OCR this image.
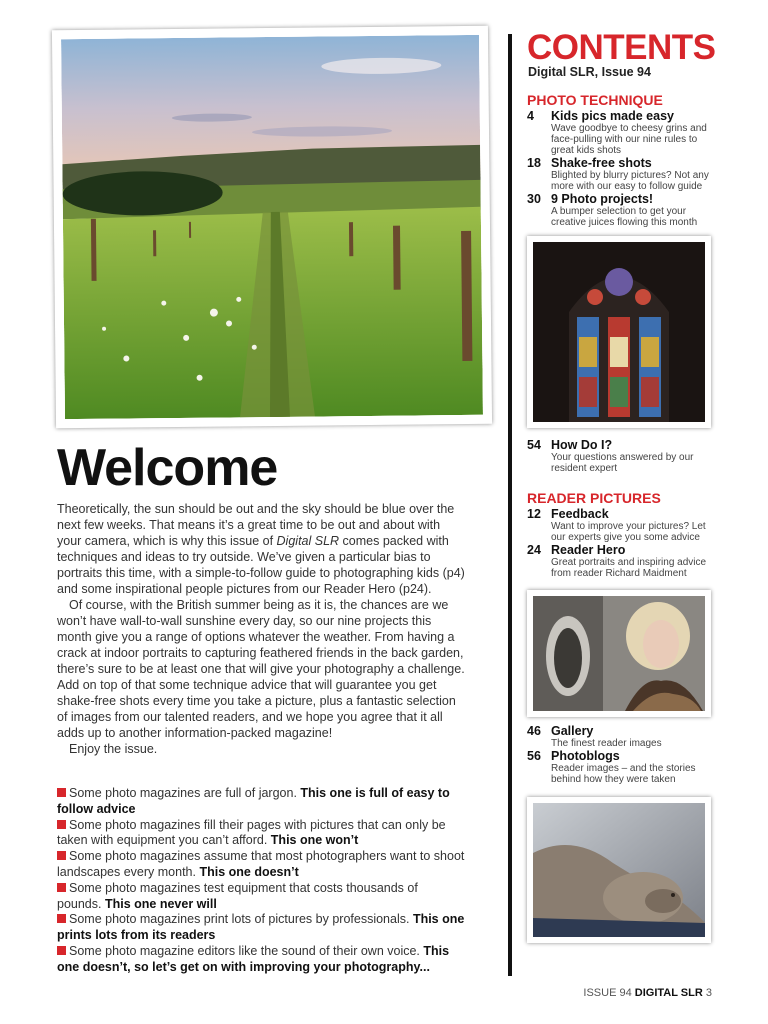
Welcome

Theoretically, the sun should be out and the sky should be blue over the next few weeks. That means it’s a great time to be out and about with your camera, which is why this issue of Digital SLR comes packed with techniques and ideas to try outside. We’ve given a particular bias to portraits this time, with a simple-to-follow guide to photographing kids (p4) and some inspirational people pictures from our Reader Hero (p24).

Of course, with the British summer being as it is, the chances are we won’t have wall-to-wall sunshine every day, so our nine projects this month give you a range of options whatever the weather. From having a crack at indoor portraits to capturing feathered friends in the back garden, there’s sure to be at least one that will give your photography a challenge. Add on top of that some technique advice that will guarantee you get shake-free shots every time you take a picture, plus a fantastic selection of images from our talented readers, and we hope you agree that it all adds up to another information-packed magazine!

Enjoy the issue.

Some photo magazines are full of jargon. This one is full of easy to follow advice

Some photo magazines fill their pages with pictures that can only be taken with equipment you can’t afford. This one won’t

Some photo magazines assume that most photographers want to shoot landscapes every month. This one doesn’t

Some photo magazines test equipment that costs thousands of pounds. This one never will

Some photo magazines print lots of pictures by professionals. This one prints lots from its readers

Some photo magazine editors like the sound of their own voice. This one doesn’t, so let’s get on with improving your photography...

CONTENTS
Digital SLR, Issue 94
PHOTO TECHNIQUE
4 Kids pics made easy
Wave goodbye to cheesy grins and face-pulling with our nine rules to great kids shots
18 Shake-free shots
Blighted by blurry pictures? Not any more with our easy to follow guide
30 9 Photo projects!
A bumper selection to get your creative juices flowing this month
54 How Do I?
Your questions answered by our resident expert
READER PICTURES
12 Feedback
Want to improve your pictures? Let our experts give you some advice
24 Reader Hero
Great portraits and inspiring advice from reader Richard Maidment
46 Gallery
The finest reader images
56 Photoblogs
Reader images – and the stories behind how they were taken
ISSUE 94 DIGITAL SLR 3
